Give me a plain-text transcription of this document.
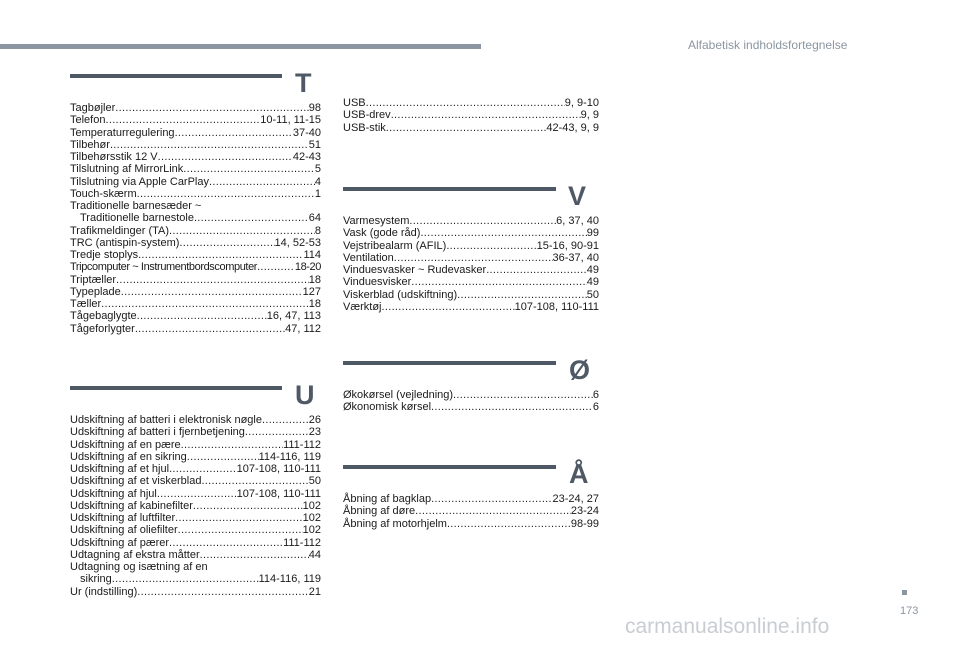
Alfabetisk indholdsfortegnelse
T
Tagbøjler .....	98
Telefon .....	10-11, 11-15
Temperaturregulering .....	37-40
Tilbehør .....	51
Tilbehørsstik 12 V .....	42-43
Tilslutning af MirrorLink .....	5
Tilslutning via Apple CarPlay .....	4
Touch-skærm .....	1
Traditionelle barnesæder ~
Traditionelle barnestole .....	64
Trafikmeldinger (TA) .....	8
TRC (antispin-system) .....	14, 52-53
Tredje stoplys .....	114
Tripcomputer ~ Instrumentbordscomputer .....	18-20
Triptæller .....	18
Typeplade .....	127
Tæller .....	18
Tågebaglygte .....	16, 47, 113
Tågeforlygter .....	47, 112
U
Udskiftning af batteri i elektronisk nøgle .....	26
Udskiftning af batteri i fjernbetjening .....	23
Udskiftning af en pære .....	111-112
Udskiftning af en sikring .....	114-116, 119
Udskiftning af et hjul .....	107-108, 110-111
Udskiftning af et viskerblad .....	50
Udskiftning af hjul .....	107-108, 110-111
Udskiftning af kabinefilter .....	102
Udskiftning af luftfilter .....	102
Udskiftning af oliefilter .....	102
Udskiftning af pærer .....	111-112
Udtagning af ekstra måtter .....	44
Udtagning og isætning af en
sikring .....	114-116, 119
Ur (indstilling) .....	21
USB .....	9, 9-10
USB-drev .....	9, 9
USB-stik .....	42-43, 9, 9
V
Varmesystem .....	6, 37, 40
Vask (gode råd) .....	99
Vejstribealarm (AFIL) .....	15-16, 90-91
Ventilation .....	36-37, 40
Vinduesvasker ~ Rudevasker .....	49
Vinduesvisker .....	49
Viskerblad (udskiftning) .....	50
Værktøj .....	107-108, 110-111
Ø
Økokørsel (vejledning) .....	6
Økonomisk kørsel .....	6
Å
Åbning af bagklap .....	23-24, 27
Åbning af døre .....	23-24
Åbning af motorhjelm .....	98-99
173
carmanualsonline.info
